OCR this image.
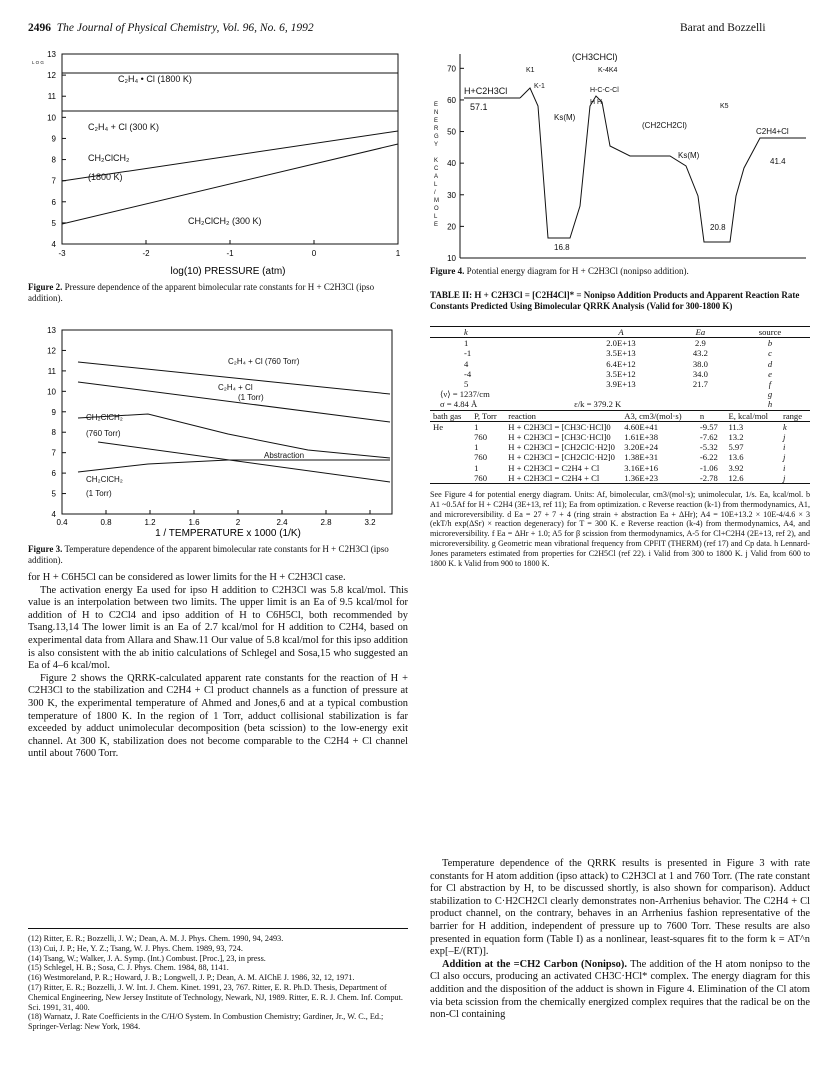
2496 The Journal of Physical Chemistry, Vol. 96, No. 6, 1992	Barat and Bozzelli
L O G
4
5
6
7
8
9
10
11
12
13
-3	-2	-1	0	1
C₂H₄ • Cl (1800 K)
C₂H₄ + Cl (300 K)
CH₂ClCH₂
(1800 K)
CH₂ClCH₂ (300 K)
log(10) PRESSURE (atm)
Figure 2. Pressure dependence of the apparent bimolecular rate constants for H + C2H3Cl (ipso addition).
4
5
6
7
8
9
10
11
12
13
0.4	0.8	1.2	1.6	2	2.4	2.8	3.2
C₂H₄ + Cl (760 Torr)
C₂H₄ + Cl
(1 Torr)
CH₂ClCH₂
(760 Torr)
Abstraction
CH₂ClCH₂
(1 Torr)
1 / TEMPERATURE x 1000 (1/K)
Figure 3. Temperature dependence of the apparent bimolecular rate constants for H + C2H3Cl (ipso addition).

for H + C6H5Cl can be considered as lower limits for the H + C2H3Cl case.

The activation energy Ea used for ipso H addition to C2H3Cl was 5.8 kcal/mol. This value is an interpolation between two limits. The upper limit is an Ea of 9.5 kcal/mol for addition of H to C2Cl4 and ipso addition of H to C6H5Cl, both recommended by Tsang.13,14 The lower limit is an Ea of 2.7 kcal/mol for H addition to C2H4, based on experimental data from Allara and Shaw.11 Our value of 5.8 kcal/mol for this ipso addition is also consistent with the ab initio calculations of Schlegel and Sosa,15 who suggested an Ea of 4–6 kcal/mol.

Figure 2 shows the QRRK-calculated apparent rate constants for the reaction of H + C2H3Cl to the stabilization and C2H4 + Cl product channels as a function of pressure at 300 K, the experimental temperature of Ahmed and Jones,6 and at a typical combustion temperature of 1800 K. In the region of 1 Torr, adduct collisional stabilization is far exceeded by adduct unimolecular decomposition (beta scission) to the low-energy exit channel. At 300 K, stabilization does not become comparable to the C2H4 + Cl channel until about 7600 Torr.

(12) Ritter, E. R.; Bozzelli, J. W.; Dean, A. M. J. Phys. Chem. 1990, 94, 2493.
(13) Cui, J. P.; He, Y. Z.; Tsang, W. J. Phys. Chem. 1989, 93, 724.
(14) Tsang, W.; Walker, J. A. Symp. (Int.) Combust. [Proc.], 23, in press.
(15) Schlegel, H. B.; Sosa, C. J. Phys. Chem. 1984, 88, 1141.
(16) Westmoreland, P. R.; Howard, J. B.; Longwell, J. P.; Dean, A. M. AIChE J. 1986, 32, 12, 1971.
(17) Ritter, E. R.; Bozzelli, J. W. Int. J. Chem. Kinet. 1991, 23, 767. Ritter, E. R. Ph.D. Thesis, Department of Chemical Engineering, New Jersey Institute of Technology, Newark, NJ, 1989. Ritter, E. R. J. Chem. Inf. Comput. Sci. 1991, 31, 400.
(18) Warnatz, J. Rate Coefficients in the C/H/O System. In Combustion Chemistry; Gardiner, Jr., W. C., Ed.; Springer-Verlag: New York, 1984.
10
20
30
40
50
60
70
E
N
E
R
G
Y
K
C
A
L
/
M
O
L
E
(CH3CHCl)
H+C2H3Cl
57.1
K1
K-1
K-4K4
H-C-C-Cl
H H
Ks(M)
K5
(CH2CH2Cl)
C2H4+Cl
41.4
Ks(M)
16.8
20.8
Figure 4. Potential energy diagram for H + C2H3Cl (nonipso addition).
TABLE II: H + C2H3Cl = [C2H4Cl]* = Nonipso Addition Products and Apparent Reaction Rate Constants Predicted Using Bimolecular QRRK Analysis (Valid for 300-1800 K)
k	A	Ea	source
1	2.0E+13	2.9	b
-1	3.5E+13	43.2	c
4	6.4E+12	38.0	d
-4	3.5E+12	34.0	e
5	3.9E+13	21.7	f
⟨ν⟩ = 1237/cm			g
σ = 4.84 Å	ε/k = 379.2 K		h
bath gas	P, Torr	reaction	A3, cm3/(mol·s)	n	E, kcal/mol	range
He	1	H + C2H3Cl = [CH3C·HCl]0	4.60E+41	-9.57	11.3	k
	760	H + C2H3Cl = [CH3C·HCl]0	1.61E+38	-7.62	13.2	j
	1	H + C2H3Cl = [CH2ClC·H2]0	3.20E+24	-5.32	5.97	i
	760	H + C2H3Cl = [CH2ClC·H2]0	1.38E+31	-6.22	13.6	j
	1	H + C2H3Cl = C2H4 + Cl	3.16E+16	-1.06	3.92	i
	760	H + C2H3Cl = C2H4 + Cl	1.36E+23	-2.78	12.6	j
See Figure 4 for potential energy diagram. Units: Af, bimolecular, cm3/(mol·s); unimolecular, 1/s. Ea, kcal/mol. b A1 ~0.5Af for H + C2H4 (3E+13, ref 11); Ea from optimization. c Reverse reaction (k-1) from thermodynamics, A1, and microreversibility. d Ea = 27 + 7 + 4 (ring strain + abstraction Ea + ΔHr); A4 = 10E+13.2 × 10E-4/4.6 × 3 (ekT/h exp(ΔSr) × reaction degeneracy) for T = 300 K. e Reverse reaction (k-4) from thermodynamics, A4, and microreversibility. f Ea = ΔHr + 1.0; A5 for β scission from thermodynamics, A-5 for Cl+C2H4 (2E+13, ref 2), and microreversibility. g Geometric mean vibrational frequency from CPFIT (THERM) (ref 17) and Cp data. h Lennard-Jones parameters estimated from properties for C2H5Cl (ref 22). i Valid from 300 to 1800 K. j Valid from 600 to 1800 K. k Valid from 900 to 1800 K.

Temperature dependence of the QRRK results is presented in Figure 3 with rate constants for H atom addition (ipso attack) to C2H3Cl at 1 and 760 Torr. (The rate constant for Cl abstraction by H, to be discussed shortly, is also shown for comparison). Adduct stabilization to C·H2CH2Cl clearly demonstrates non-Arrhenius behavior. The C2H4 + Cl product channel, on the contrary, behaves in an Arrhenius fashion representative of the barrier for H addition, independent of pressure up to 7600 Torr. These results are also presented in equation form (Table I) as a nonlinear, least-squares fit to the form k = AT^n exp[–E/(RT)].

Addition at the =CH2 Carbon (Nonipso). The addition of the H atom nonipso to the Cl also occurs, producing an activated CH3C·HCl* complex. The energy diagram for this addition and the disposition of the adduct is shown in Figure 4. Elimination of the Cl atom via beta scission from the chemically energized complex requires that the radical be on the non-Cl containing
